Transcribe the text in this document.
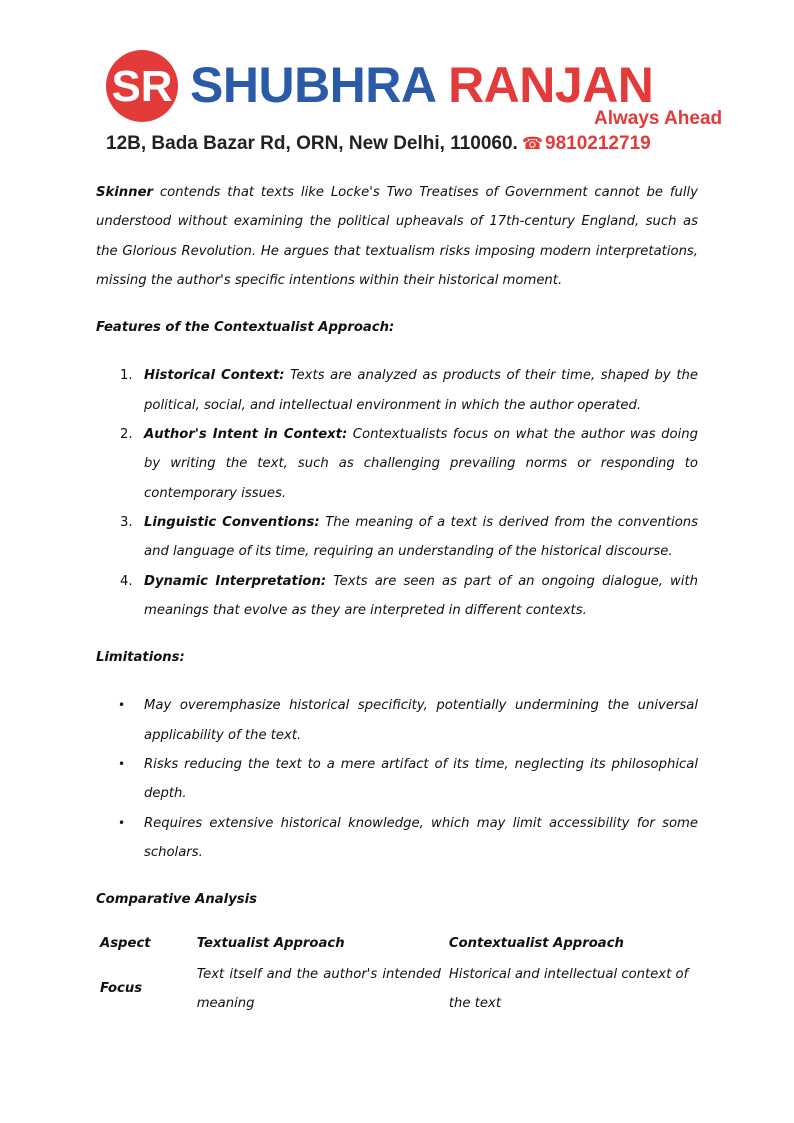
SR SHUBHRA RANJAN
Always Ahead
12B, Bada Bazar Rd, ORN, New Delhi, 110060. ☎ 9810212719

Skinner contends that texts like Locke's Two Treatises of Government cannot be fully understood without examining the political upheavals of 17th-century England, such as the Glorious Revolution. He argues that textualism risks imposing modern interpretations, missing the author's specific intentions within their historical moment.

Features of the Contextualist Approach:

1. Historical Context: Texts are analyzed as products of their time, shaped by the political, social, and intellectual environment in which the author operated.
2. Author's Intent in Context: Contextualists focus on what the author was doing by writing the text, such as challenging prevailing norms or responding to contemporary issues.
3. Linguistic Conventions: The meaning of a text is derived from the conventions and language of its time, requiring an understanding of the historical discourse.
4. Dynamic Interpretation: Texts are seen as part of an ongoing dialogue, with meanings that evolve as they are interpreted in different contexts.

Limitations:

• May overemphasize historical specificity, potentially undermining the universal applicability of the text.
• Risks reducing the text to a mere artifact of its time, neglecting its philosophical depth.
• Requires extensive historical knowledge, which may limit accessibility for some scholars.

Comparative Analysis

Aspect	Textualist Approach	Contextualist Approach
Focus	Text itself and the author's intended meaning	Historical and intellectual context of the text
